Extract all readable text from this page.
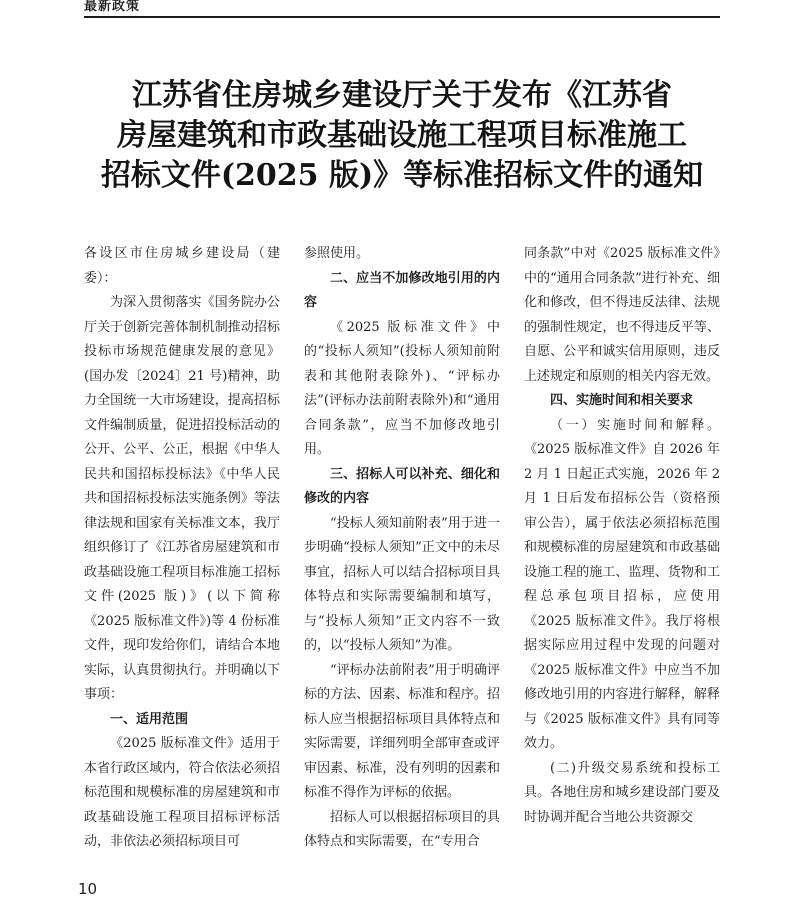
最新政策
江苏省住房城乡建设厅关于发布《江苏省
房屋建筑和市政基础设施工程项目标准施工
招标文件(2025 版)》等标准招标文件的通知

各设区市住房城乡建设局（建委）：

为深入贯彻落实《国务院办公厅关于创新完善体制机制推动招标投标市场规范健康发展的意见》(国办发〔2024〕21 号)精神，助力全国统一大市场建设，提高招标文件编制质量，促进招投标活动的公开、公平、公正，根据《中华人民共和国招标投标法》《中华人民共和国招标投标法实施条例》等法律法规和国家有关标准文本，我厅组织修订了《江苏省房屋建筑和市政基础设施工程项目标准施工招标文件(2025 版)》(以下简称《2025 版标准文件》)等 4 份标准文件，现印发给你们，请结合本地实际，认真贯彻执行。并明确以下事项：

一、适用范围

《2025 版标准文件》适用于本省行政区域内，符合依法必须招标范围和规模标准的房屋建筑和市政基础设施工程项目招标评标活动，非依法必须招标项目可

参照使用。

二、应当不加修改地引用的内容

《2025 版标准文件》中的“投标人须知”(投标人须知前附表和其他附表除外)、“评标办法”(评标办法前附表除外)和“通用合同条款”，应当不加修改地引用。

三、招标人可以补充、细化和修改的内容

“投标人须知前附表”用于进一步明确“投标人须知”正文中的未尽事宜，招标人可以结合招标项目具体特点和实际需要编制和填写，与“投标人须知”正文内容不一致的，以“投标人须知”为准。

“评标办法前附表”用于明确评标的方法、因素、标准和程序。招标人应当根据招标项目具体特点和实际需要，详细列明全部审查或评审因素、标准，没有列明的因素和标准不得作为评标的依据。

招标人可以根据招标项目的具体特点和实际需要，在“专用合

同条款”中对《2025 版标准文件》中的“通用合同条款”进行补充、细化和修改，但不得违反法律、法规的强制性规定，也不得违反平等、自愿、公平和诚实信用原则，违反上述规定和原则的相关内容无效。

四、实施时间和相关要求

（一）实施时间和解释。《2025 版标准文件》自 2026 年 2 月 1 日起正式实施，2026 年 2 月 1 日后发布招标公告（资格预审公告），属于依法必须招标范围和规模标准的房屋建筑和市政基础设施工程的施工、监理、货物和工程总承包项目招标，应使用《2025 版标准文件》。我厅将根据实际应用过程中发现的问题对《2025 版标准文件》中应当不加修改地引用的内容进行解释，解释与《2025 版标准文件》具有同等效力。

(二)升级交易系统和投标工具。各地住房和城乡建设部门要及时协调并配合当地公共资源交

10
